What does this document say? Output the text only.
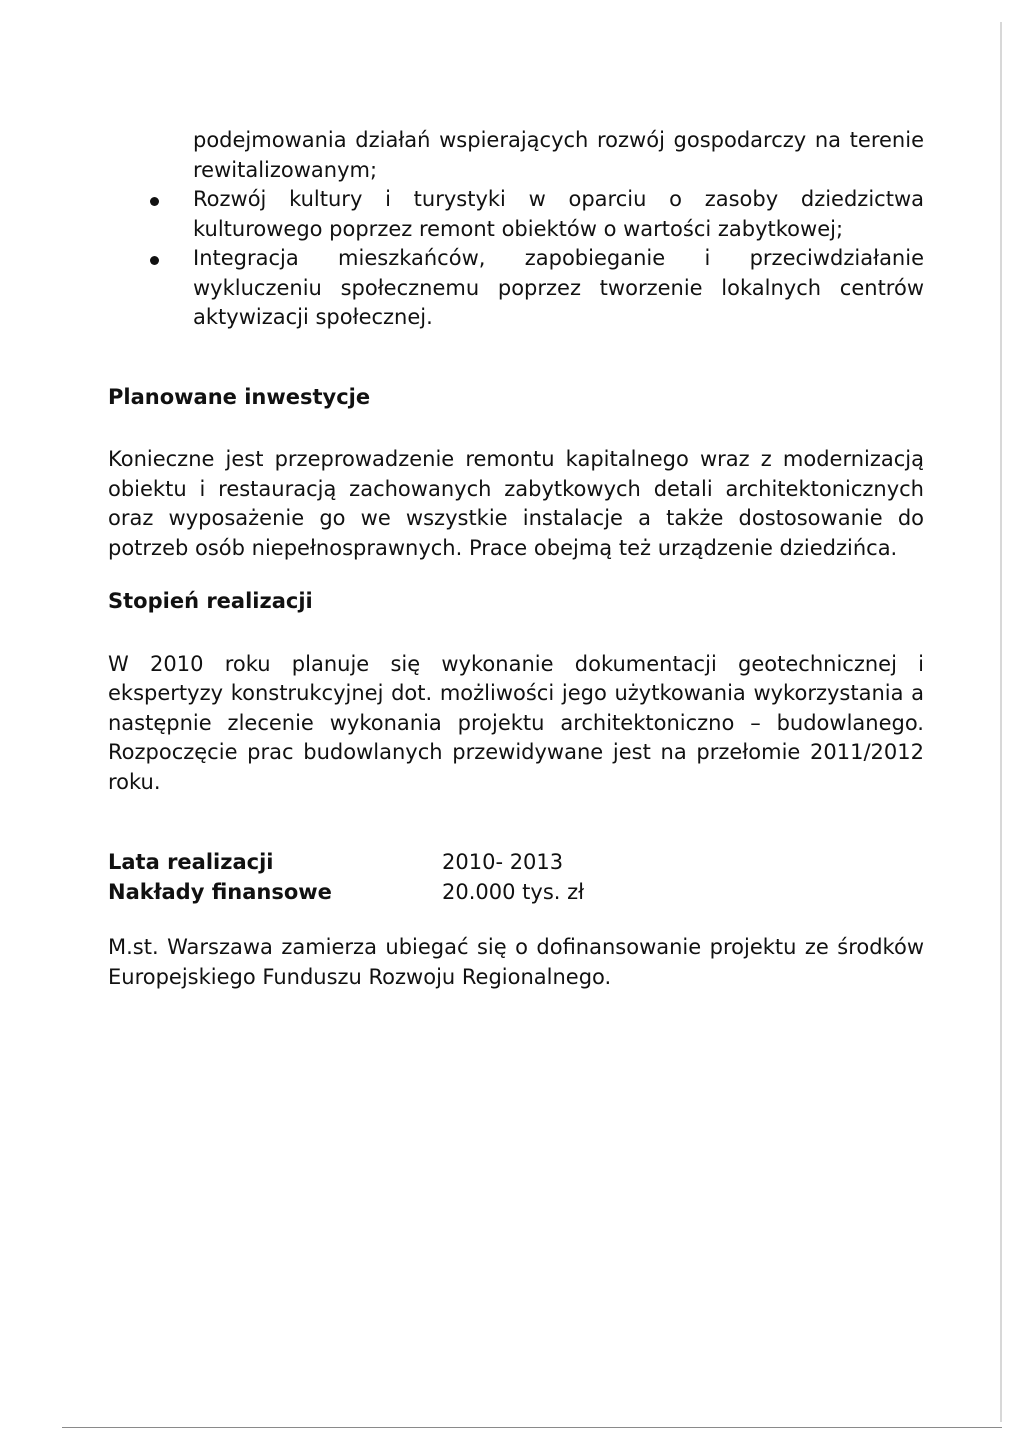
podejmowania działań wspierających rozwój gospodarczy na terenie rewitalizowanym;

Rozwój kultury i turystyki w oparciu o zasoby dziedzictwa kulturowego poprzez remont obiektów o wartości zabytkowej;
Integracja mieszkańców, zapobieganie i przeciwdziałanie wykluczeniu społecznemu poprzez tworzenie lokalnych centrów aktywizacji społecznej.
Planowane inwestycje

Konieczne jest przeprowadzenie remontu kapitalnego wraz z modernizacją obiektu i restauracją zachowanych zabytkowych detali architektonicznych oraz wyposażenie go we wszystkie instalacje a także dostosowanie do potrzeb osób niepełnosprawnych. Prace obejmą też urządzenie dziedzińca.

Stopień realizacji

W 2010 roku planuje się wykonanie dokumentacji geotechnicznej i ekspertyzy konstrukcyjnej dot. możliwości jego użytkowania wykorzystania a następnie zlecenie wykonania projektu architektoniczno – budowlanego. Rozpoczęcie prac budowlanych przewidywane jest na przełomie 2011/2012 roku.

Lata realizacji	2010- 2013
Nakłady finansowe	20.000 tys. zł

M.st. Warszawa zamierza ubiegać się o dofinansowanie projektu ze środków Europejskiego Funduszu Rozwoju Regionalnego.
